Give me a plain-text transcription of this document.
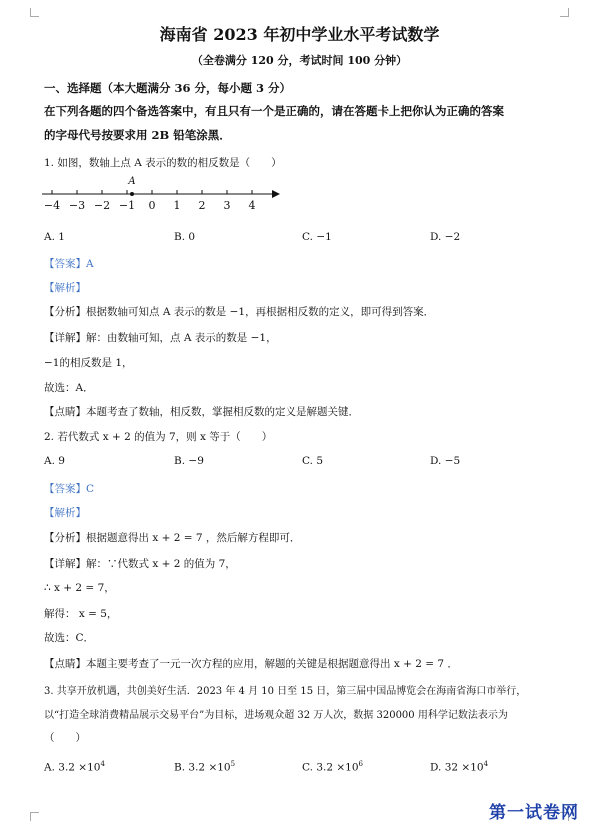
海南省 2023 年初中学业水平考试数学
（全卷满分 120 分，考试时间 100 分钟）
一、选择题（本大题满分 36 分，每小题 3 分）
在下列各题的四个备选答案中，有且只有一个是正确的，请在答题卡上把你认为正确的答案
的字母代号按要求用 2B 铅笔涂黑．
1. 如图，数轴上点 A 表示的数的相反数是（　　）
A
−4 −3 −2 −1 0 1 2 3 4
A. 1	B. 0	C. −1	D. −2
【答案】A
【解析】
【分析】根据数轴可知点 A 表示的数是 −1，再根据相反数的定义，即可得到答案．
【详解】解：由数轴可知，点 A 表示的数是 −1，
−1的相反数是 1，
故选：A．
【点睛】本题考查了数轴，相反数，掌握相反数的定义是解题关键．
2. 若代数式 x + 2 的值为 7，则 x 等于（　　）
A. 9	B. −9	C. 5	D. −5
【答案】C
【解析】
【分析】根据题意得出 x + 2 = 7 ，然后解方程即可．
【详解】解：∵代数式 x + 2 的值为 7，
∴ x + 2 = 7，
解得： x = 5，
故选：C．
【点睛】本题主要考查了一元一次方程的应用，解题的关键是根据题意得出 x + 2 = 7 ．
3. 共享开放机遇，共创美好生活．2023 年 4 月 10 日至 15 日，第三届中国品博览会在海南省海口市举行，
以“打造全球消费精品展示交易平台”为目标，进场观众超 32 万人次，数据 320000 用科学记数法表示为
（　　）
A. $3.2 \times 10^4$	B. $3.2 \times 10^5$	C. $3.2 \times 10^6$	D. $32 \times 10^4$
第一试卷网
